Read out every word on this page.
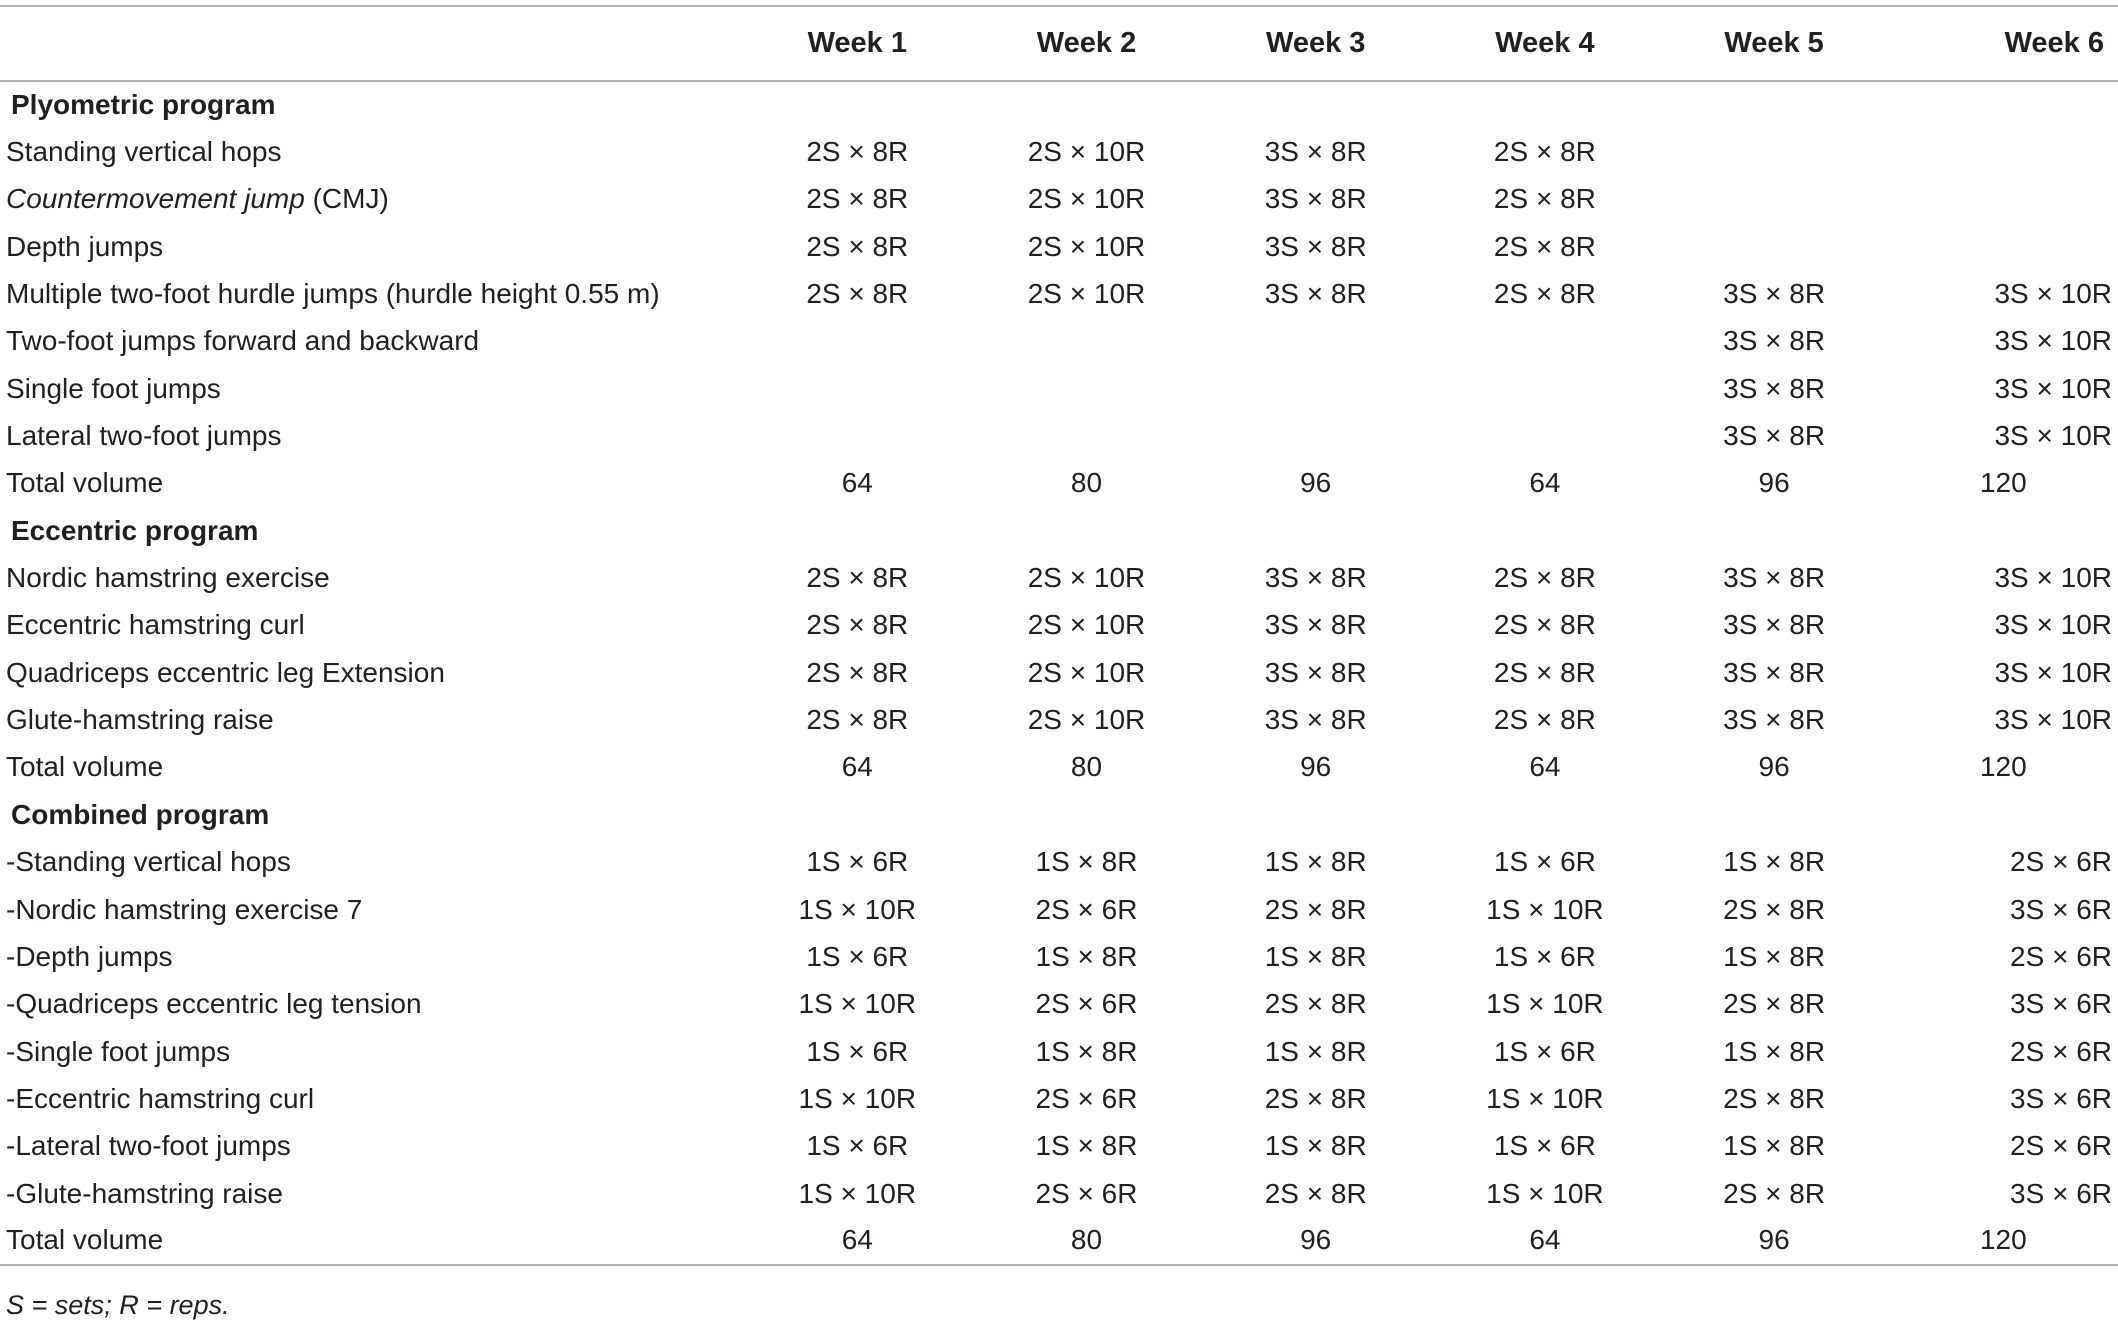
	Week 1	Week 2	Week 3	Week 4	Week 5	Week 6
Plyometric program						
Standing vertical hops	2S × 8R	2S × 10R	3S × 8R	2S × 8R		
Countermovement jump (CMJ)	2S × 8R	2S × 10R	3S × 8R	2S × 8R		
Depth jumps	2S × 8R	2S × 10R	3S × 8R	2S × 8R		
Multiple two-foot hurdle jumps (hurdle height 0.55 m)	2S × 8R	2S × 10R	3S × 8R	2S × 8R	3S × 8R	3S × 10R
Two-foot jumps forward and backward					3S × 8R	3S × 10R
Single foot jumps					3S × 8R	3S × 10R
Lateral two-foot jumps					3S × 8R	3S × 10R
Total volume	64	80	96	64	96	120
Eccentric program						
Nordic hamstring exercise	2S × 8R	2S × 10R	3S × 8R	2S × 8R	3S × 8R	3S × 10R
Eccentric hamstring curl	2S × 8R	2S × 10R	3S × 8R	2S × 8R	3S × 8R	3S × 10R
Quadriceps eccentric leg Extension	2S × 8R	2S × 10R	3S × 8R	2S × 8R	3S × 8R	3S × 10R
Glute-hamstring raise	2S × 8R	2S × 10R	3S × 8R	2S × 8R	3S × 8R	3S × 10R
Total volume	64	80	96	64	96	120
Combined program						
-Standing vertical hops	1S × 6R	1S × 8R	1S × 8R	1S × 6R	1S × 8R	2S × 6R
-Nordic hamstring exercise 7	1S × 10R	2S × 6R	2S × 8R	1S × 10R	2S × 8R	3S × 6R
-Depth jumps	1S × 6R	1S × 8R	1S × 8R	1S × 6R	1S × 8R	2S × 6R
-Quadriceps eccentric leg tension	1S × 10R	2S × 6R	2S × 8R	1S × 10R	2S × 8R	3S × 6R
-Single foot jumps	1S × 6R	1S × 8R	1S × 8R	1S × 6R	1S × 8R	2S × 6R
-Eccentric hamstring curl	1S × 10R	2S × 6R	2S × 8R	1S × 10R	2S × 8R	3S × 6R
-Lateral two-foot jumps	1S × 6R	1S × 8R	1S × 8R	1S × 6R	1S × 8R	2S × 6R
-Glute-hamstring raise	1S × 10R	2S × 6R	2S × 8R	1S × 10R	2S × 8R	3S × 6R
Total volume	64	80	96	64	96	120
S = sets; R = reps.
